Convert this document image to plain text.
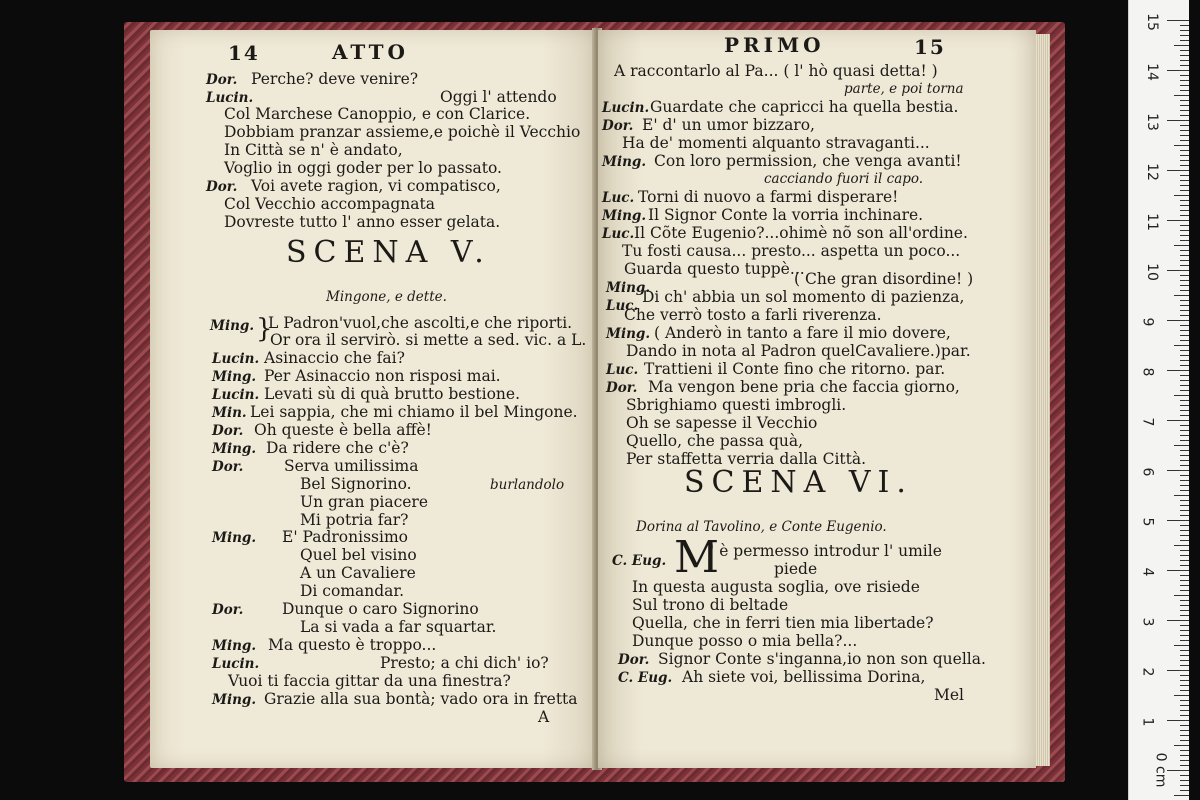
14	ATTO
Dor. Perche? deve venire?
Lucin.	Oggi l' attendo
Col Marchese Canoppio, e con Clarice.
Dobbiam pranzar assieme,e poichè il Vecchio
In Città se n' è andato,
Voglio in oggi goder per lo passato.
Dor. Voi avete ragion, vi compatisco,
Col Vecchio accompagnata
Dovreste tutto l' anno esser gelata.
SCENA V.
Mingone, e dette.
Ming. }
L Padron'vuol,che ascolti,e che riporti.
Or ora il servirò. si mette a sed. vic. a L.
Lucin. Asinaccio che fai?
Ming. Per Asinaccio non risposi mai.
Lucin. Levati sù di quà brutto bestione.
Min. Lei sappia, che mi chiamo il bel Mingone.
Dor. Oh queste è bella affè!
Ming. Da ridere che c'è?
Dor.	Serva umilissima
Bel Signorino.	burlandolo
Un gran piacere
Mi potria far?
Ming. E' Padronissimo
Quel bel visino
A un Cavaliere
Di comandar.
Dor. Dunque o caro Signorino
La si vada a far squartar.
Ming. Ma questo è troppo...
Lucin.	Presto; a chi dich' io?
Vuoi ti faccia gittar da una finestra?
Ming. Grazie alla sua bontà; vado ora in fretta
A
PRIMO	15
A raccontarlo al Pa... ( l' hò quasi detta! )
parte, e poi torna
Lucin. Guardate che capricci ha quella bestia.
Dor. E' d' un umor bizzaro,
Ha de' momenti alquanto stravaganti...
Ming. Con loro permission, che venga avanti!
cacciando fuori il capo.
Luc. Torni di nuovo a farmi disperare!
Ming. Il Signor Conte la vorria inchinare.
Luc. Il Cõte Eugenio?...ohimè nõ son all'ordine.
Tu fosti causa... presto... aspetta un poco...
Guarda questo tuppè...
Ming.	( Che gran disordine! )
Luc. Di ch' abbia un sol momento di pazienza,
Che verrò tosto a farli riverenza.
Ming. ( Anderò in tanto a fare il mio dovere,
Dando in nota al Padron quelCavaliere.)par.
Luc. Trattieni il Conte fino che ritorno. par.
Dor. Ma vengon bene pria che faccia giorno,
Sbrighiamo questi imbrogli.
Oh se sapesse il Vecchio
Quello, che passa quà,
Per staffetta verria dalla Città.
SCENA VI.
Dorina al Tavolino, e Conte Eugenio.
C. Eug. M
' è permesso introdur l' umile
piede
In questa augusta soglia, ove risiede
Sul trono di beltade
Quella, che in ferri tien mia libertade?
Dunque posso o mia bella?...
Dor. Signor Conte s'inganna,io non son quella.
C. Eug. Ah siete voi, bellissima Dorina,
Mel
15
14
13
12
11
10
9
8
7
6
5
4
3
2
1
0 cm
